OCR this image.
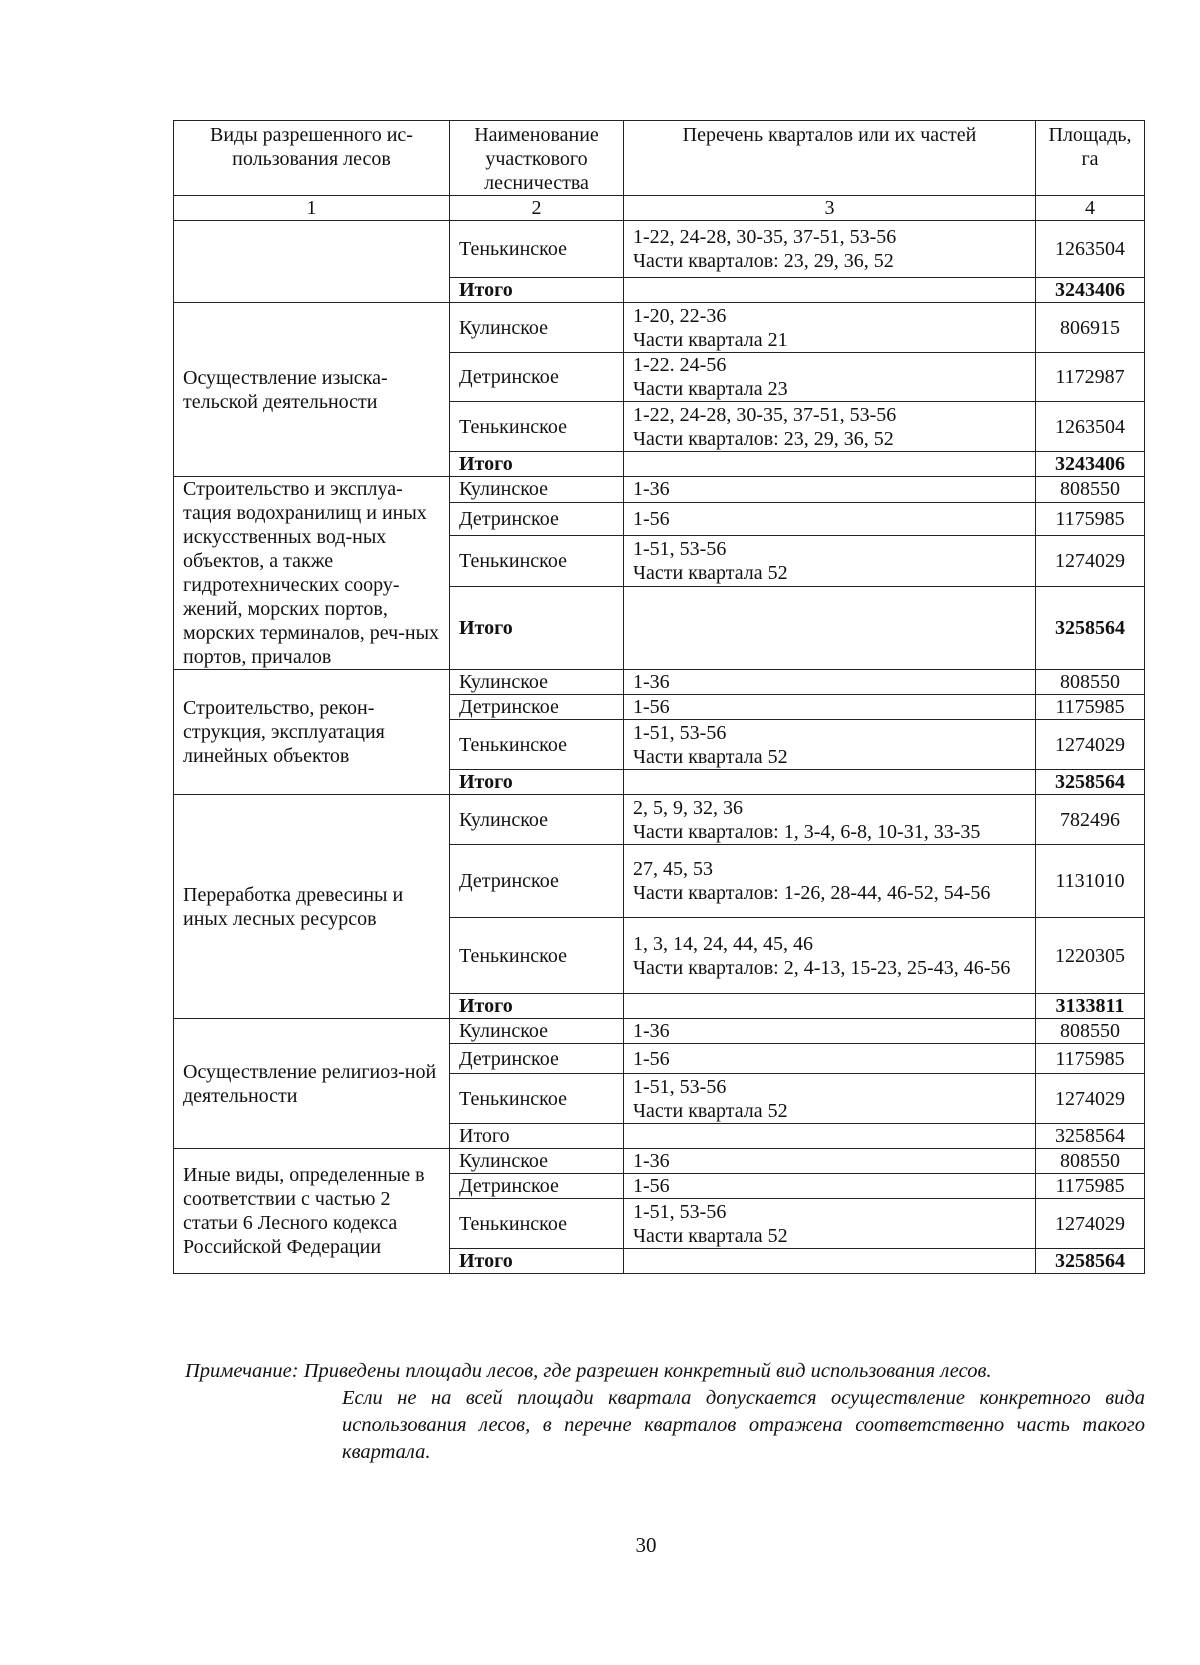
Виды разрешенного ис-пользования лесов	Наименование участкового лесничества	Перечень кварталов или их частей	Площадь, га
1	2	3	4
	Тенькинское	1-22, 24-28, 30-35, 37-51, 53-56
Части кварталов: 23, 29, 36, 52	1263504
	Итого		3243406
Осуществление изыска-тельской деятельности	Кулинское	1-20, 22-36
Части квартала 21	806915
	Детринское	1-22. 24-56
Части квартала 23	1172987
	Тенькинское	1-22, 24-28, 30-35, 37-51, 53-56
Части кварталов: 23, 29, 36, 52	1263504
	Итого		3243406
Строительство и эксплуа-тация водохранилищ и иных искусственных вод-ных объектов, а также гидротехнических соору-жений, морских портов, морских терминалов, реч-ных портов, причалов	Кулинское	1-36	808550
	Детринское	1-56	1175985
	Тенькинское	1-51, 53-56
Части квартала 52	1274029
	Итого		3258564
Строительство, рекон-струкция, эксплуатация линейных объектов	Кулинское	1-36	808550
	Детринское	1-56	1175985
	Тенькинское	1-51, 53-56
Части квартала 52	1274029
	Итого		3258564
Переработка древесины и иных лесных ресурсов	Кулинское	2, 5, 9, 32, 36
Части кварталов: 1, 3-4, 6-8, 10-31, 33-35	782496
	Детринское	27, 45, 53
Части кварталов: 1-26, 28-44, 46-52, 54-56	1131010
	Тенькинское	1, 3, 14, 24, 44, 45, 46
Части кварталов: 2, 4-13, 15-23, 25-43, 46-56	1220305
	Итого		3133811
Осуществление религиоз-ной деятельности	Кулинское	1-36	808550
	Детринское	1-56	1175985
	Тенькинское	1-51, 53-56
Части квартала 52	1274029
	Итого		3258564
Иные виды, определенные в соответствии с частью 2 статьи 6 Лесного кодекса Российской Федерации	Кулинское	1-36	808550
	Детринское	1-56	1175985
	Тенькинское	1-51, 53-56
Части квартала 52	1274029
	Итого		3258564
Примечание: Приведены площади лесов, где разрешен конкретный вид использования лесов.
Если не на всей площади квартала допускается осуществление конкретного вида использования лесов, в перечне кварталов отражена соответственно часть такого квартала.
30
